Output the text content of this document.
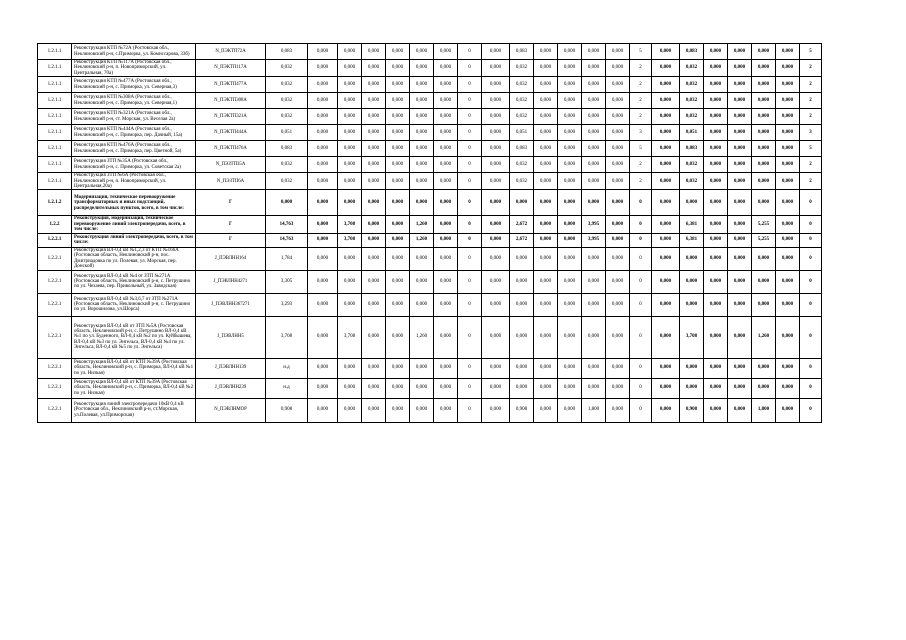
1.2.1.1	Реконструкция КТП №72А (Ростовская обл., Неклиновский р-н, с.Приморка, ул. Комиссарова, 33б)	N_ПЭКТП72А	0,083	0,000	0,000	0,000	0,000	0,000	0,000	0	0,000	0,083	0,000	0,000	0,000	0,000	5	0,000	0,083	0,000	0,000	0,000	0,000	5
1.2.1.1	Реконструкция КТП №117А (Ростовская обл., Неклиновский р-н, п. Новоприморский, ул. Центральная, 70а)	N_ПЭКТП117А	0,032	0,000	0,000	0,000	0,000	0,000	0,000	0	0,000	0,032	0,000	0,000	0,000	0,000	2	0,000	0,032	0,000	0,000	0,000	0,000	2
1.2.1.1	Реконструкция КТП №477А (Ростовская обл., Неклиновский р-н, с. Приморка, ул. Северная,3)	N_ПЭКТП477А	0,032	0,000	0,000	0,000	0,000	0,000	0,000	0	0,000	0,032	0,000	0,000	0,000	0,000	2	0,000	0,032	0,000	0,000	0,000	0,000	2
1.2.1.1	Реконструкция КТП №308А (Ростовская обл., Неклиновский р-н, с. Приморка, ул. Северная,1)	N_ПЭКТП308А	0,032	0,000	0,000	0,000	0,000	0,000	0,000	0	0,000	0,032	0,000	0,000	0,000	0,000	2	0,000	0,032	0,000	0,000	0,000	0,000	2
1.2.1.1	Реконструкция КТП №321А (Ростовская обл., Неклиновский р-н, ст. Морская, ул. Веселая 2а)	N_ПЭКТП321А	0,032	0,000	0,000	0,000	0,000	0,000	0,000	0	0,000	0,032	0,000	0,000	0,000	0,000	2	0,000	0,032	0,000	0,000	0,000	0,000	2
1.2.1.1	Реконструкция КТП №444А (Ростовская обл., Неклиновский р-н, с. Приморка, пер. Дачный, 15а)	N_ПЭКТП444А	0,051	0,000	0,000	0,000	0,000	0,000	0,000	0	0,000	0,051	0,000	0,000	0,000	0,000	3	0,000	0,051	0,000	0,000	0,000	0,000	3
1.2.1.1	Реконструкция КТП №476А (Ростовская обл., Неклиновский р-н, с. Приморка, пер. Цветной, 5а)	N_ПЭКТП476А	0,083	0,000	0,000	0,000	0,000	0,000	0,000	0	0,000	0,083	0,000	0,000	0,000	0,000	5	0,000	0,083	0,000	0,000	0,000	0,000	5
1.2.1.1	Реконструкция ЗТП №35А (Ростовская обл., Неклиновский р-н, с. Приморка, ул. Советская 2а)	N_ПЭЗТП35А	0,032	0,000	0,000	0,000	0,000	0,000	0,000	0	0,000	0,032	0,000	0,000	0,000	0,000	2	0,000	0,032	0,000	0,000	0,000	0,000	2
1.2.1.1	Реконструкция ЗТП №6А (Ростовская обл., Неклиновский р-н, п. Новоприморский, ул. Центральная,20а)	N_ПЭЗТП6А	0,032	0,000	0,000	0,000	0,000	0,000	0,000	0	0,000	0,032	0,000	0,000	0,000	0,000	2	0,000	0,032	0,000	0,000	0,000	0,000	2
1.2.1.2	Модернизация, техническое перевооружение трансформаторных и иных подстанций, распределительных пунктов, всего, в том числе:	Г	0,000	0,000	0,000	0,000	0,000	0,000	0,000	0	0,000	0,000	0,000	0,000	0,000	0,000	0	0,000	0,000	0,000	0,000	0,000	0,000	0
1.2.2	Реконструкция, модернизация, техническое перевооружение линий электропередачи, всего, в том числе:	Г	14,763	0,000	3,708	0,000	0,000	1,260	0,000	0	0,000	2,672	0,000	0,000	3,995	0,000	0	0,000	6,381	0,000	0,000	5,255	0,000	0
1.2.2.1	Реконструкция линий электропередачи, всего, в том числе:	Г	14,763	0,000	3,708	0,000	0,000	1,260	0,000	0	0,000	2,672	0,000	0,000	3,995	0,000	0	0,000	6,381	0,000	0,000	5,255	0,000	0
1.2.2.1	Реконструкция ВЛ-0,4 кВ №1,2,3 от КТП №166А (Ростовская область, Неклиновский р-н, пос. Дмитриадовка по ул. Полевая, ул. Морская, пер. Донской)	J_ПЭВЛНН164	1,784	0,000	0,000	0,000	0,000	0,000	0,000	0	0,000	0,000	0,000	0,000	0,000	0,000	0	0,000	0,000	0,000	0,000	0,000	0,000	0
1.2.2.1	Реконструкция ВЛ-0,4 кВ №4 от ЗТП №271А (Ростовская область, Неклиновский р-н, с. Петрушино по ул. Чехаева, пер. Привольный, ул. Заводская)	J_ПЭВЛНН4271	3,305	0,000	0,000	0,000	0,000	0,000	0,000	0	0,000	0,000	0,000	0,000	0,000	0,000	0	0,000	0,000	0,000	0,000	0,000	0,000	0
1.2.2.1	Реконструкция ВЛ-0,4 кВ №3,6,7 от ЗТП №271А (Ростовская область, Неклиновский р-н, с. Петрушино по ул. Ворошилова, ул.Шорса)	J_ПЭВЛНН367271	3,293	0,000	0,000	0,000	0,000	0,000	0,000	0	0,000	0,000	0,000	0,000	0,000	0,000	0	0,000	0,000	0,000	0,000	0,000	0,000	0
1.2.2.1	Реконструкция ВЛ-0,4 кВ от ЗТП №5А (Ростовская область, Неклиновский р-н, с. Петрушино ВЛ-0,4 кВ №1 по ул. Буденного, ВЛ-0,4 кВ №2 по ул. Куйбышева, ВЛ-0,4 кВ №3 по ул. Энгельса, ВЛ-0,4 кВ №4 по ул. Энгельса, ВЛ-0,4 кВ №5 по ул. Энгельса)	J_ПЭВЛНН5	3,708	0,000	3,708	0,000	0,000	1,260	0,000	0	0,000	0,000	0,000	0,000	0,000	0,000	0	0,000	3,708	0,000	0,000	1,260	0,000	0
1.2.2.1	Реконструкция ВЛ-0,4 кВ от КТП №39А (Ростовская область, Неклиновский р-н, с. Приморка, ВЛ-0,4 кВ №1 по ул. Низкая)	J_ПЭВЛНН139	н.д	0,000	0,000	0,000	0,000	0,000	0,000	0	0,000	0,000	0,000	0,000	0,000	0,000	0	0,000	0,000	0,000	0,000	0,000	0,000	0
1.2.2.1	Реконструкция ВЛ-0,4 кВ от КТП №39А (Ростовская область, Неклиновский р-н, с. Приморка, ВЛ-0,4 кВ №2 по ул. Низкая)	J_ПЭВЛНН239	н.д	0,000	0,000	0,000	0,000	0,000	0,000	0	0,000	0,000	0,000	0,000	0,000	0,000	0	0,000	0,000	0,000	0,000	0,000	0,000	0
1.2.2.1	Реконструкция линий электропередачи 10кВ 0,4 кВ (Ростовская обл., Неклиновский р-н, ст.Морская, ул.Полевая, ул.Приморская)	N_ПЭВЛНМОР	0,908	0,000	0,000	0,000	0,000	0,000	0,000	0	0,000	0,908	0,000	0,000	1,800	0,000	0	0,000	0,908	0,000	0,000	1,800	0,000	0
